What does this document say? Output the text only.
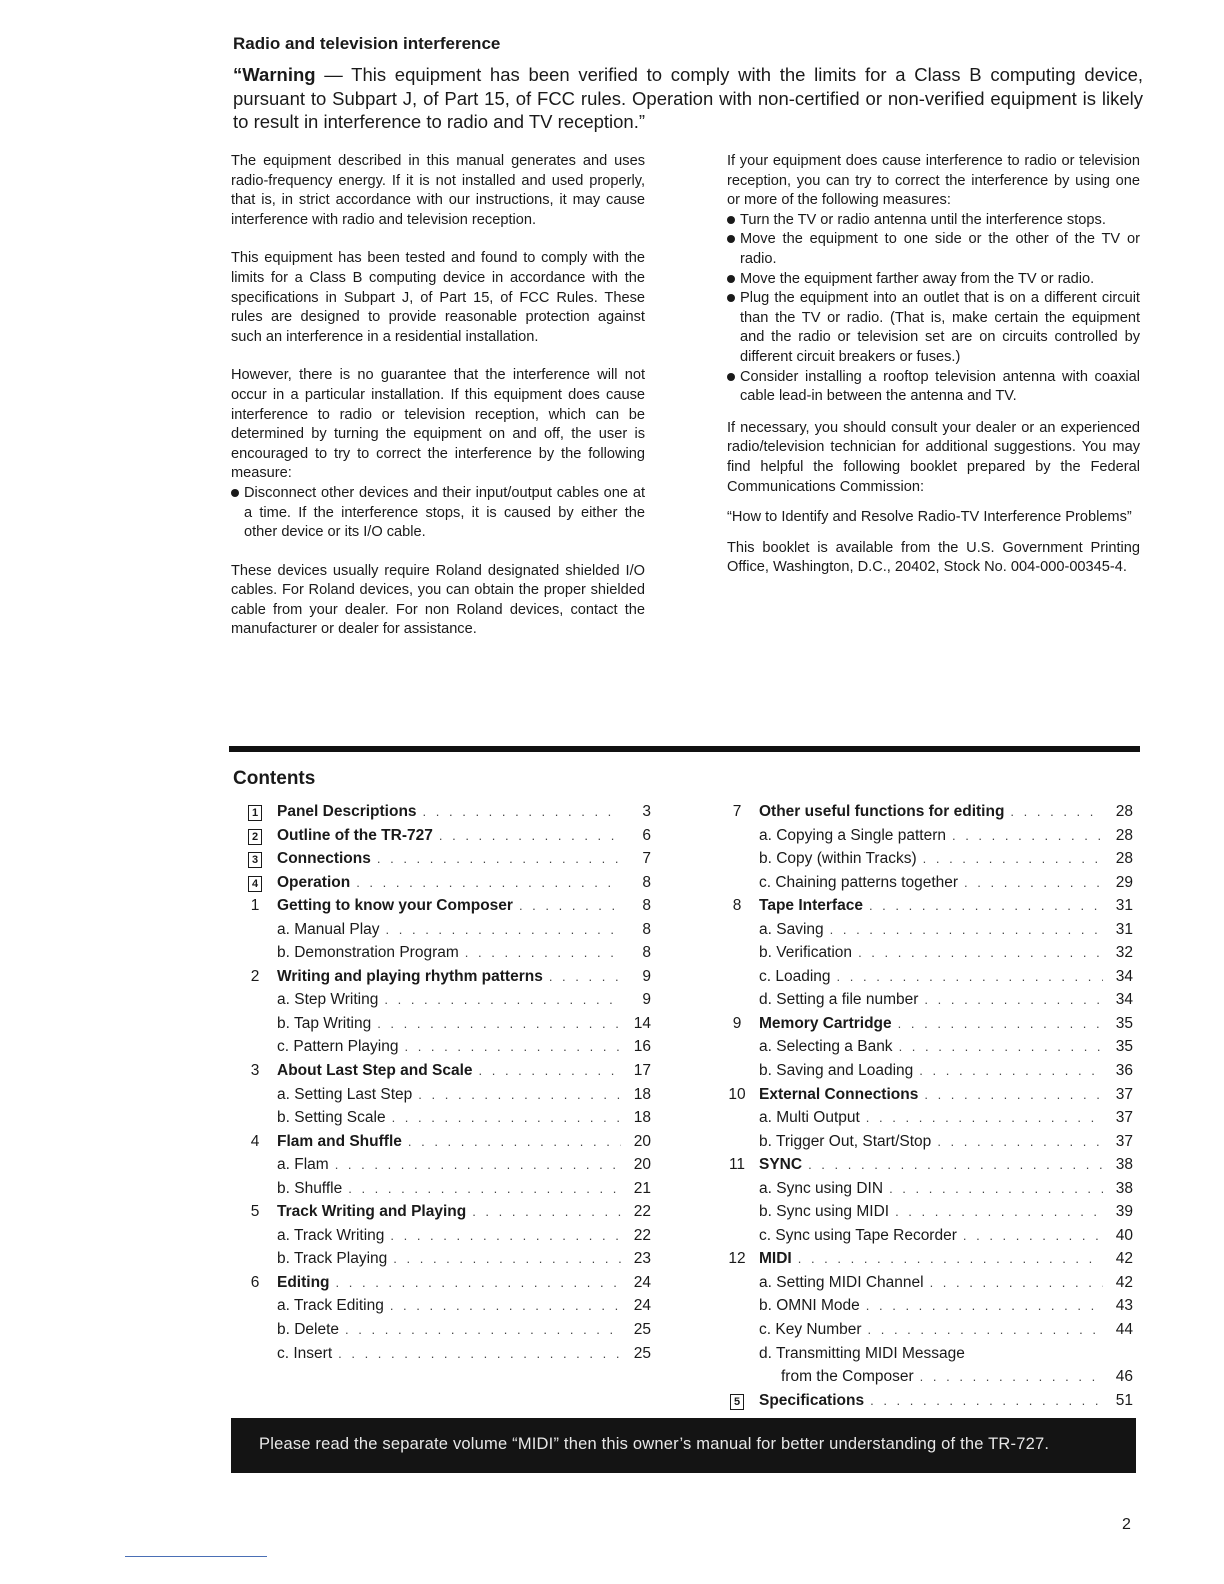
Radio and television interference
“Warning — This equipment has been verified to comply with the limits for a Class B computing device, pursuant to Subpart J, of Part 15, of FCC rules. Operation with non-certified or non-verified equipment is likely to result in interference to radio and TV reception.”

The equipment described in this manual generates and uses radio-frequency energy. If it is not installed and used properly, that is, in strict accordance with our instructions, it may cause interference with radio and television reception.

This equipment has been tested and found to comply with the limits for a Class B computing device in accordance with the specifications in Subpart J, of Part 15, of FCC Rules. These rules are designed to provide reasonable protection against such an interference in a residential installation.

However, there is no guarantee that the interference will not occur in a particular installation. If this equipment does cause interference to radio or television reception, which can be determined by turning the equipment on and off, the user is encouraged to try to correct the interference by the following measure:

Disconnect other devices and their input/output cables one at a time. If the interference stops, it is caused by either the other device or its I/O cable.

These devices usually require Roland designated shielded I/O cables. For Roland devices, you can obtain the proper shielded cable from your dealer. For non Roland devices, contact the manufacturer or dealer for assistance.

If your equipment does cause interference to radio or television reception, you can try to correct the interference by using one or more of the following measures:

Turn the TV or radio antenna until the interference stops.
Move the equipment to one side or the other of the TV or radio.
Move the equipment farther away from the TV or radio.
Plug the equipment into an outlet that is on a different circuit than the TV or radio. (That is, make certain the equipment and the radio or television set are on circuits controlled by different circuit breakers or fuses.)
Consider installing a rooftop television antenna with coaxial cable lead-in between the antenna and TV.

If necessary, you should consult your dealer or an experienced radio/television technician for additional suggestions. You may find helpful the following booklet prepared by the Federal Communications Commission:

“How to Identify and Resolve Radio-TV Interference Problems”

This booklet is available from the U.S. Government Printing Office, Washington, D.C., 20402, Stock No. 004-000-00345-4.

Contents
1	Panel Descriptions . . .	3
2	Outline of the TR-727 . . .	6
3	Connections . . .	7
4	Operation . . .	8
1	Getting to know your Composer . . .	8
a. Manual Play . . .	8
b. Demonstration Program . . .	8
2	Writing and playing rhythm patterns . . .	9
a. Step Writing . . .	9
b. Tap Writing . . .	14
c. Pattern Playing . . .	16
3	About Last Step and Scale . . .	17
a. Setting Last Step . . .	18
b. Setting Scale . . .	18
4	Flam and Shuffle . . .	20
a. Flam . . .	20
b. Shuffle . . .	21
5	Track Writing and Playing . . .	22
a. Track Writing . . .	22
b. Track Playing . . .	23
6	Editing . . .	24
a. Track Editing . . .	24
b. Delete . . .	25
c. Insert . . .	25
7	Other useful functions for editing . . .	28
a. Copying a Single pattern . . .	28
b. Copy (within Tracks) . . .	28
c. Chaining patterns together . . .	29
8	Tape Interface . . .	31
a. Saving . . .	31
b. Verification . . .	32
c. Loading . . .	34
d. Setting a file number . . .	34
9	Memory Cartridge . . .	35
a. Selecting a Bank . . .	35
b. Saving and Loading . . .	36
10 External Connections . . .	37
a. Multi Output . . .	37
b. Trigger Out, Start/Stop . . .	37
11 SYNC . . .	38
a. Sync using DIN . . .	38
b. Sync using MIDI . . .	39
c. Sync using Tape Recorder . . .	40
12 MIDI . . .	42
a. Setting MIDI Channel . . .	42
b. OMNI Mode . . .	43
c. Key Number . . .	44
d. Transmitting MIDI Message
from the Composer . . .	46
5	Specifications . . .	51
Please read the separate volume “MIDI” then this owner’s manual for better understanding of the TR-727.
2
